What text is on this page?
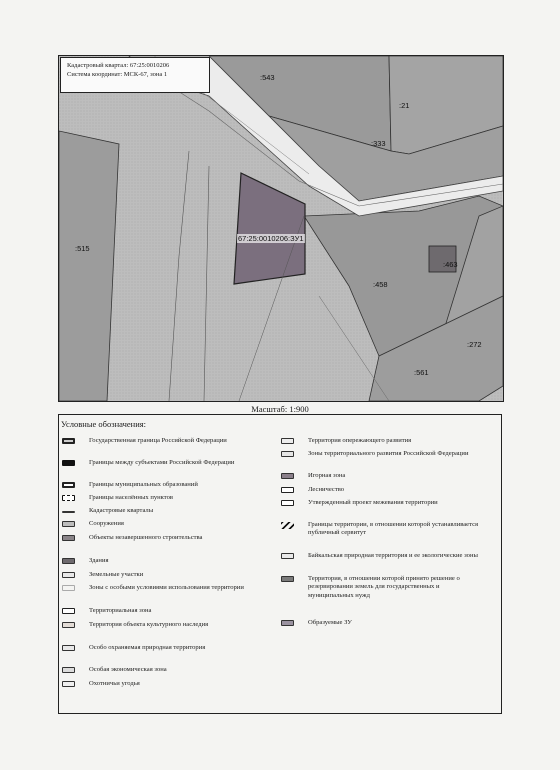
Кадастровый квартал: 67:25:0010206
Система координат: МСК-67, зона 1	:543
:21
:333
:515
67:25:0010206:ЗУ1
:463
:458
:272
:561
Масштаб: 1:900
Условные обозначения:
Государственная граница Российской Федерации
Границы между субъектами Российской Федерации
Границы муниципальных образований
Границы населённых пунктов
Кадастровые кварталы
Сооружения
Объекты незавершенного строительства
Здания
Земельные участки
Зоны с особыми условиями использования территории
Территориальная зона
Территория объекта культурного наследия
Особо охраняемая природная территория
Особая экономическая зона
Охотничьи угодья
Территория опережающего развития
Зоны территориального развития Российской Федерации
Игорная зона
Лесничество
Утвержденный проект межевания территории
Границы территории, в отношении которой устанавливается публичный сервитут
Байкальская природная территория и ее экологические зоны
Территория, в отношении которой принято решение о резервировании земель для государственных и муниципальных нужд
Образуемые ЗУ
